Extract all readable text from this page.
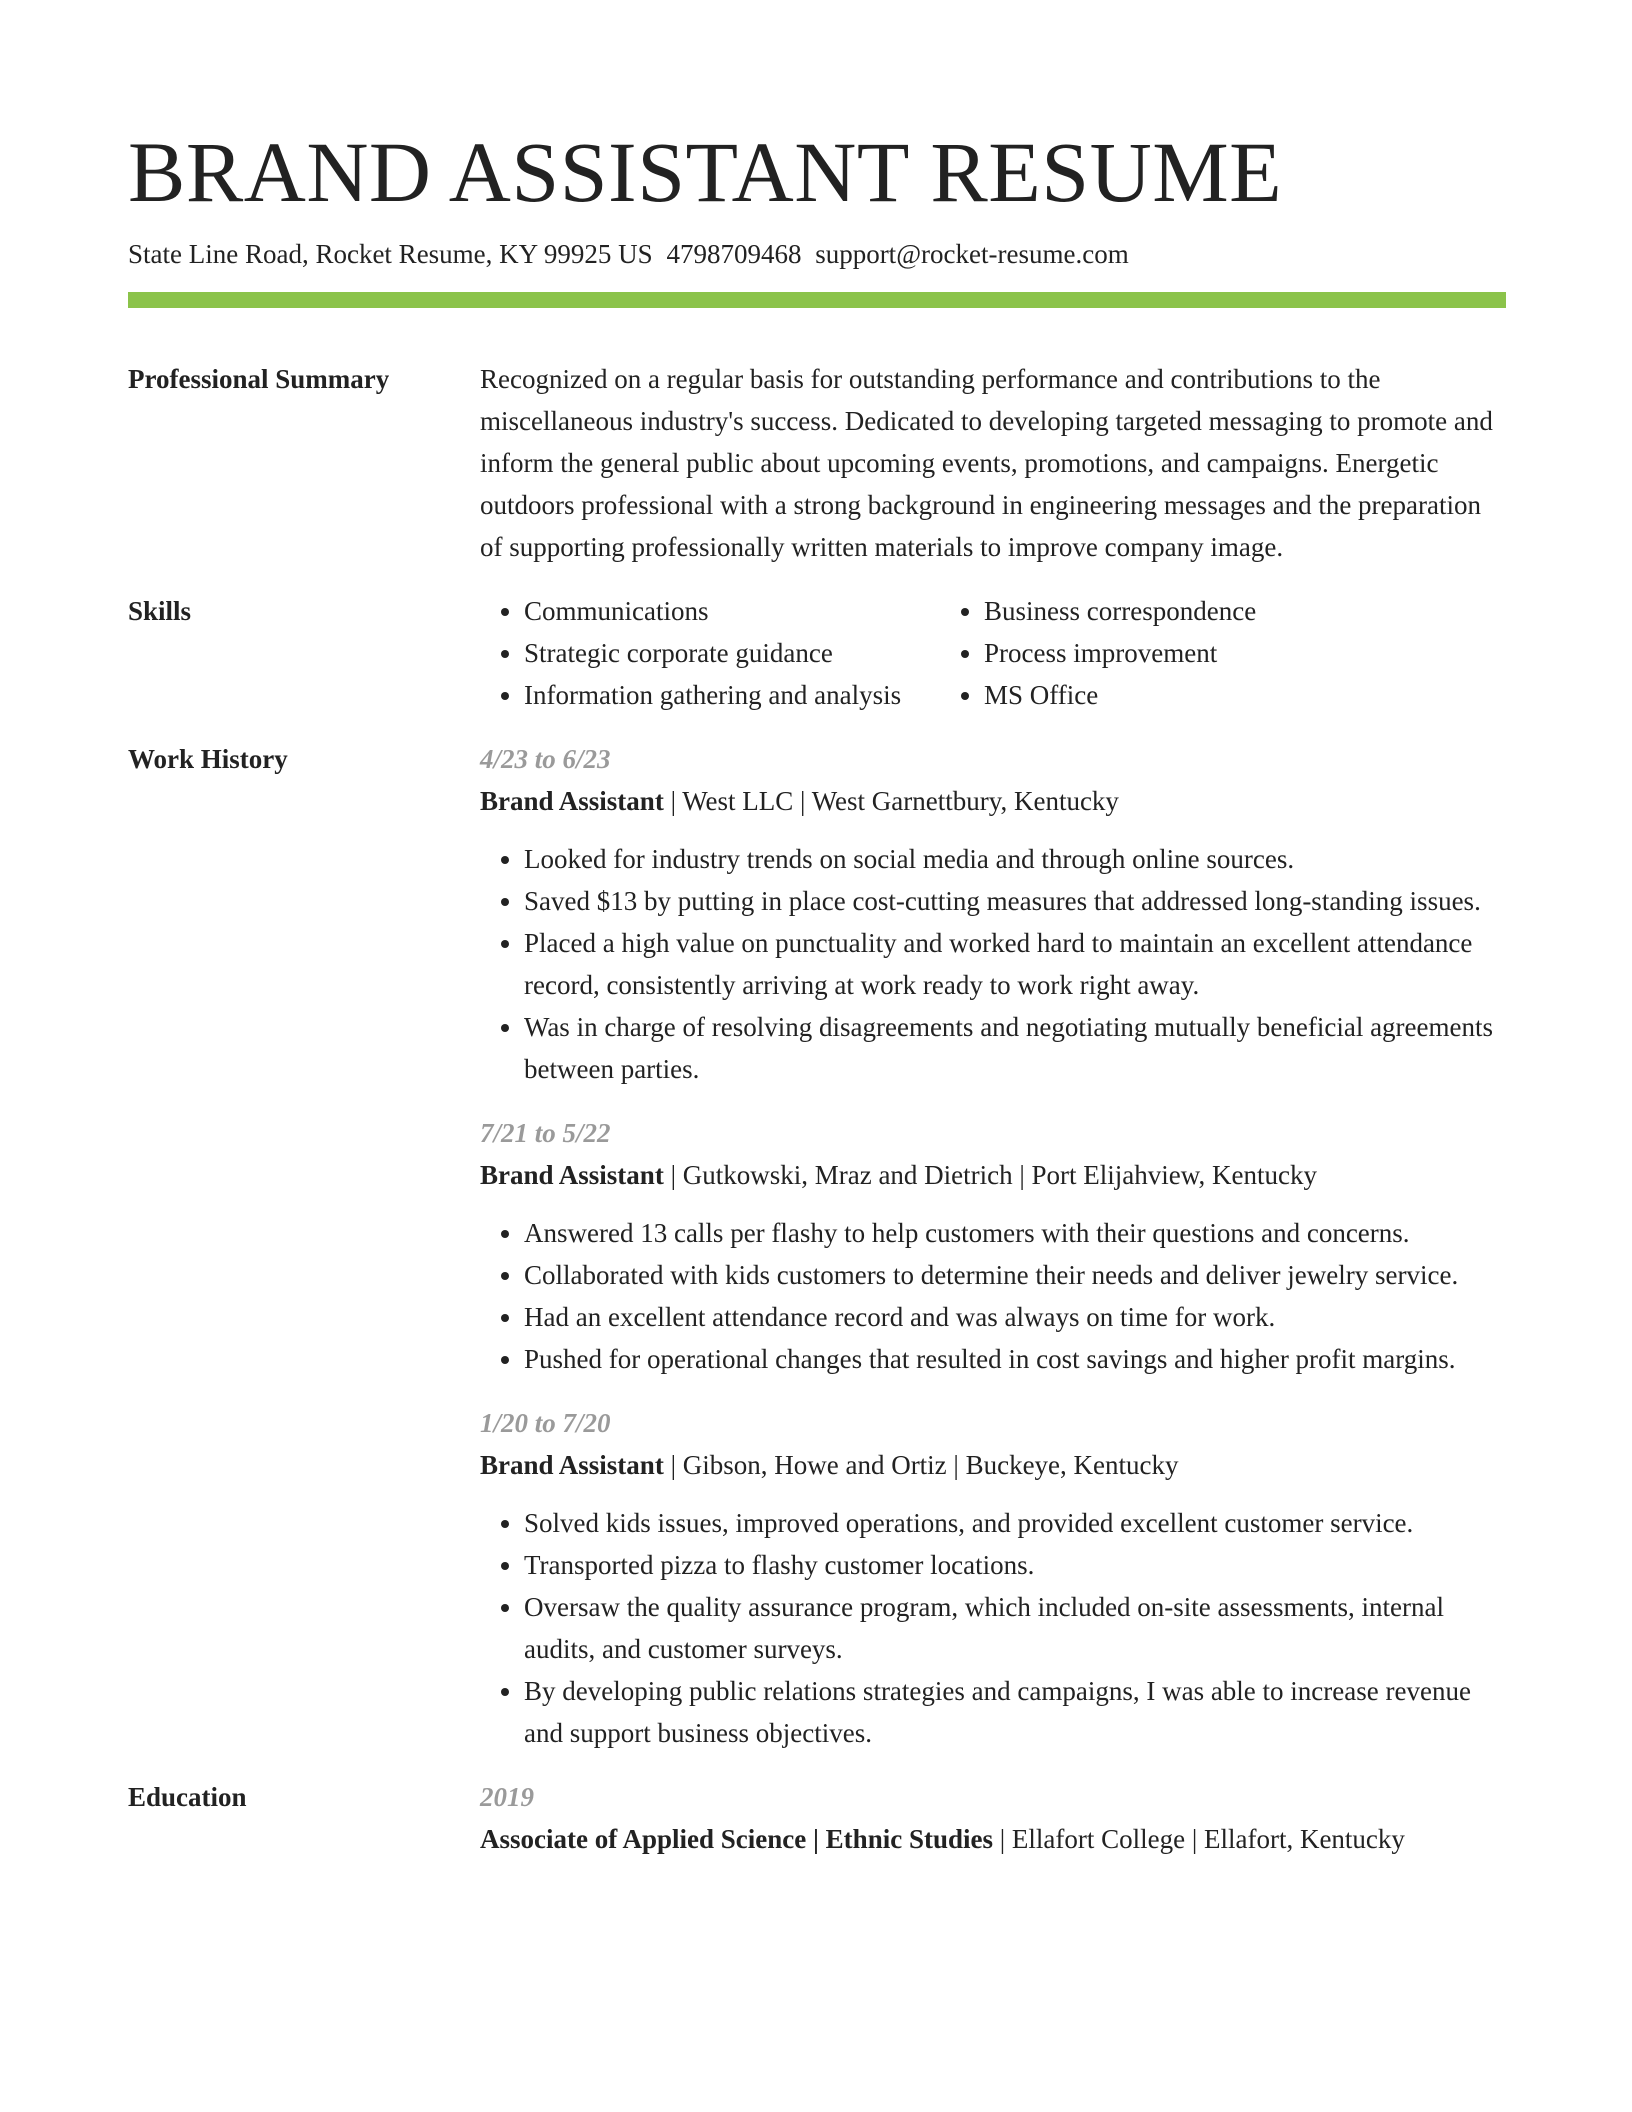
BRAND ASSISTANT RESUME
State Line Road, Rocket Resume, KY 99925 US 4798709468 support@rocket-resume.com
Professional Summary	Recognized on a regular basis for outstanding performance and contributions to the miscellaneous industry's success. Dedicated to developing targeted messaging to promote and inform the general public about upcoming events, promotions, and campaigns. Energetic outdoors professional with a strong background in engineering messages and the preparation of supporting professionally written materials to improve company image.
Skills
•	Communications
• Strategic corporate guidance
• Information gathering and analysis
• Business correspondence
• Process improvement
• MS Office
Work History	4/23 to 6/23
Brand Assistant | West LLC | West Garnettbury, Kentucky
• Looked for industry trends on social media and through online sources.
• Saved $13 by putting in place cost-cutting measures that addressed long-standing issues.
• Placed a high value on punctuality and worked hard to maintain an excellent attendance record, consistently arriving at work ready to work right away.
• Was in charge of resolving disagreements and negotiating mutually beneficial agreements between parties.
7/21 to 5/22
Brand Assistant | Gutkowski, Mraz and Dietrich | Port Elijahview, Kentucky
• Answered 13 calls per flashy to help customers with their questions and concerns.
• Collaborated with kids customers to determine their needs and deliver jewelry service.
• Had an excellent attendance record and was always on time for work.
• Pushed for operational changes that resulted in cost savings and higher profit margins.
1/20 to 7/20
Brand Assistant | Gibson, Howe and Ortiz | Buckeye, Kentucky
• Solved kids issues, improved operations, and provided excellent customer service.
• Transported pizza to flashy customer locations.
• Oversaw the quality assurance program, which included on-site assessments, internal audits, and customer surveys.
• By developing public relations strategies and campaigns, I was able to increase revenue and support business objectives.
Education	2019
Associate of Applied Science | Ethnic Studies | Ellafort College | Ellafort, Kentucky
